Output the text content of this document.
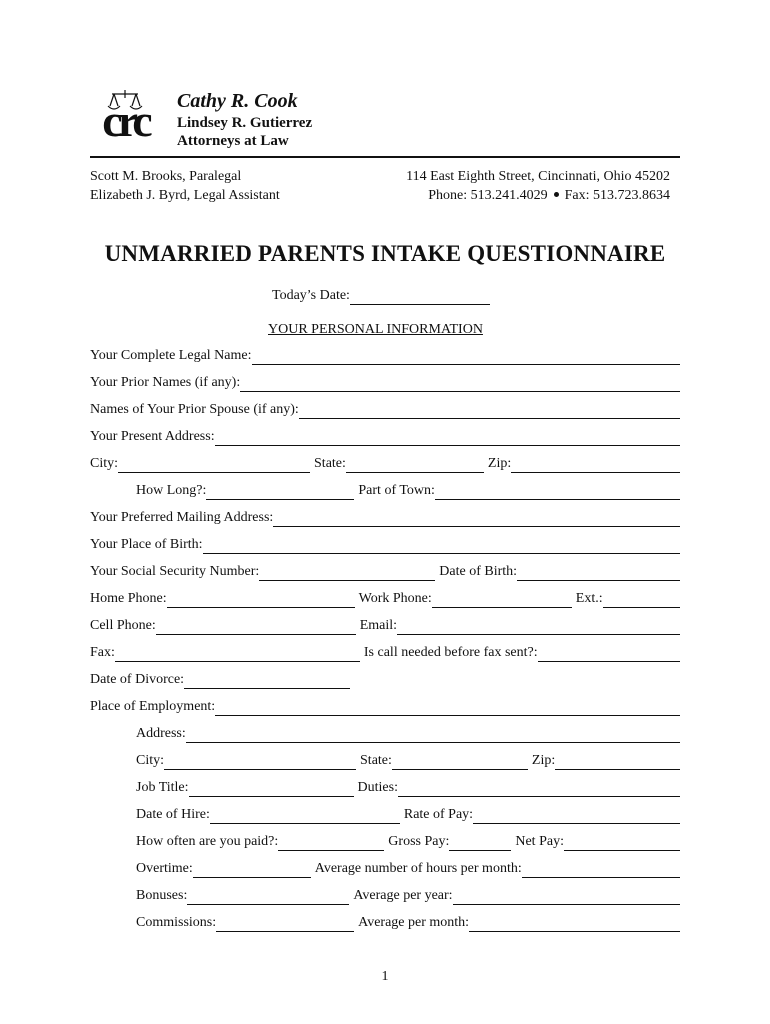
crc Cathy R. Cook
Lindsey R. Gutierrez
Attorneys at Law
Scott M. Brooks, Paralegal
Elizabeth J. Byrd, Legal Assistant
114 East Eighth Street, Cincinnati, Ohio 45202
Phone: 513.241.4029 Fax: 513.723.8634
UNMARRIED PARENTS INTAKE QUESTIONNAIRE
Today’s Date:
YOUR PERSONAL INFORMATION
Your Complete Legal Name:
Your Prior Names (if any):
Names of Your Prior Spouse (if any):
Your Present Address:
City:	State:	Zip:
How Long?:	Part of Town:
Your Preferred Mailing Address:
Your Place of Birth:
Your Social Security Number:	Date of Birth:
Home Phone:	Work Phone:	Ext.:
Cell Phone:	Email:
Fax:	Is call needed before fax sent?:
Date of Divorce:
Place of Employment:
Address:
City:	State:	Zip:
Job Title:	Duties:
Date of Hire:	Rate of Pay:
How often are you paid?:	Gross Pay:	Net Pay:
Overtime:	Average number of hours per month:
Bonuses:	Average per year:
Commissions:	Average per month:
1
